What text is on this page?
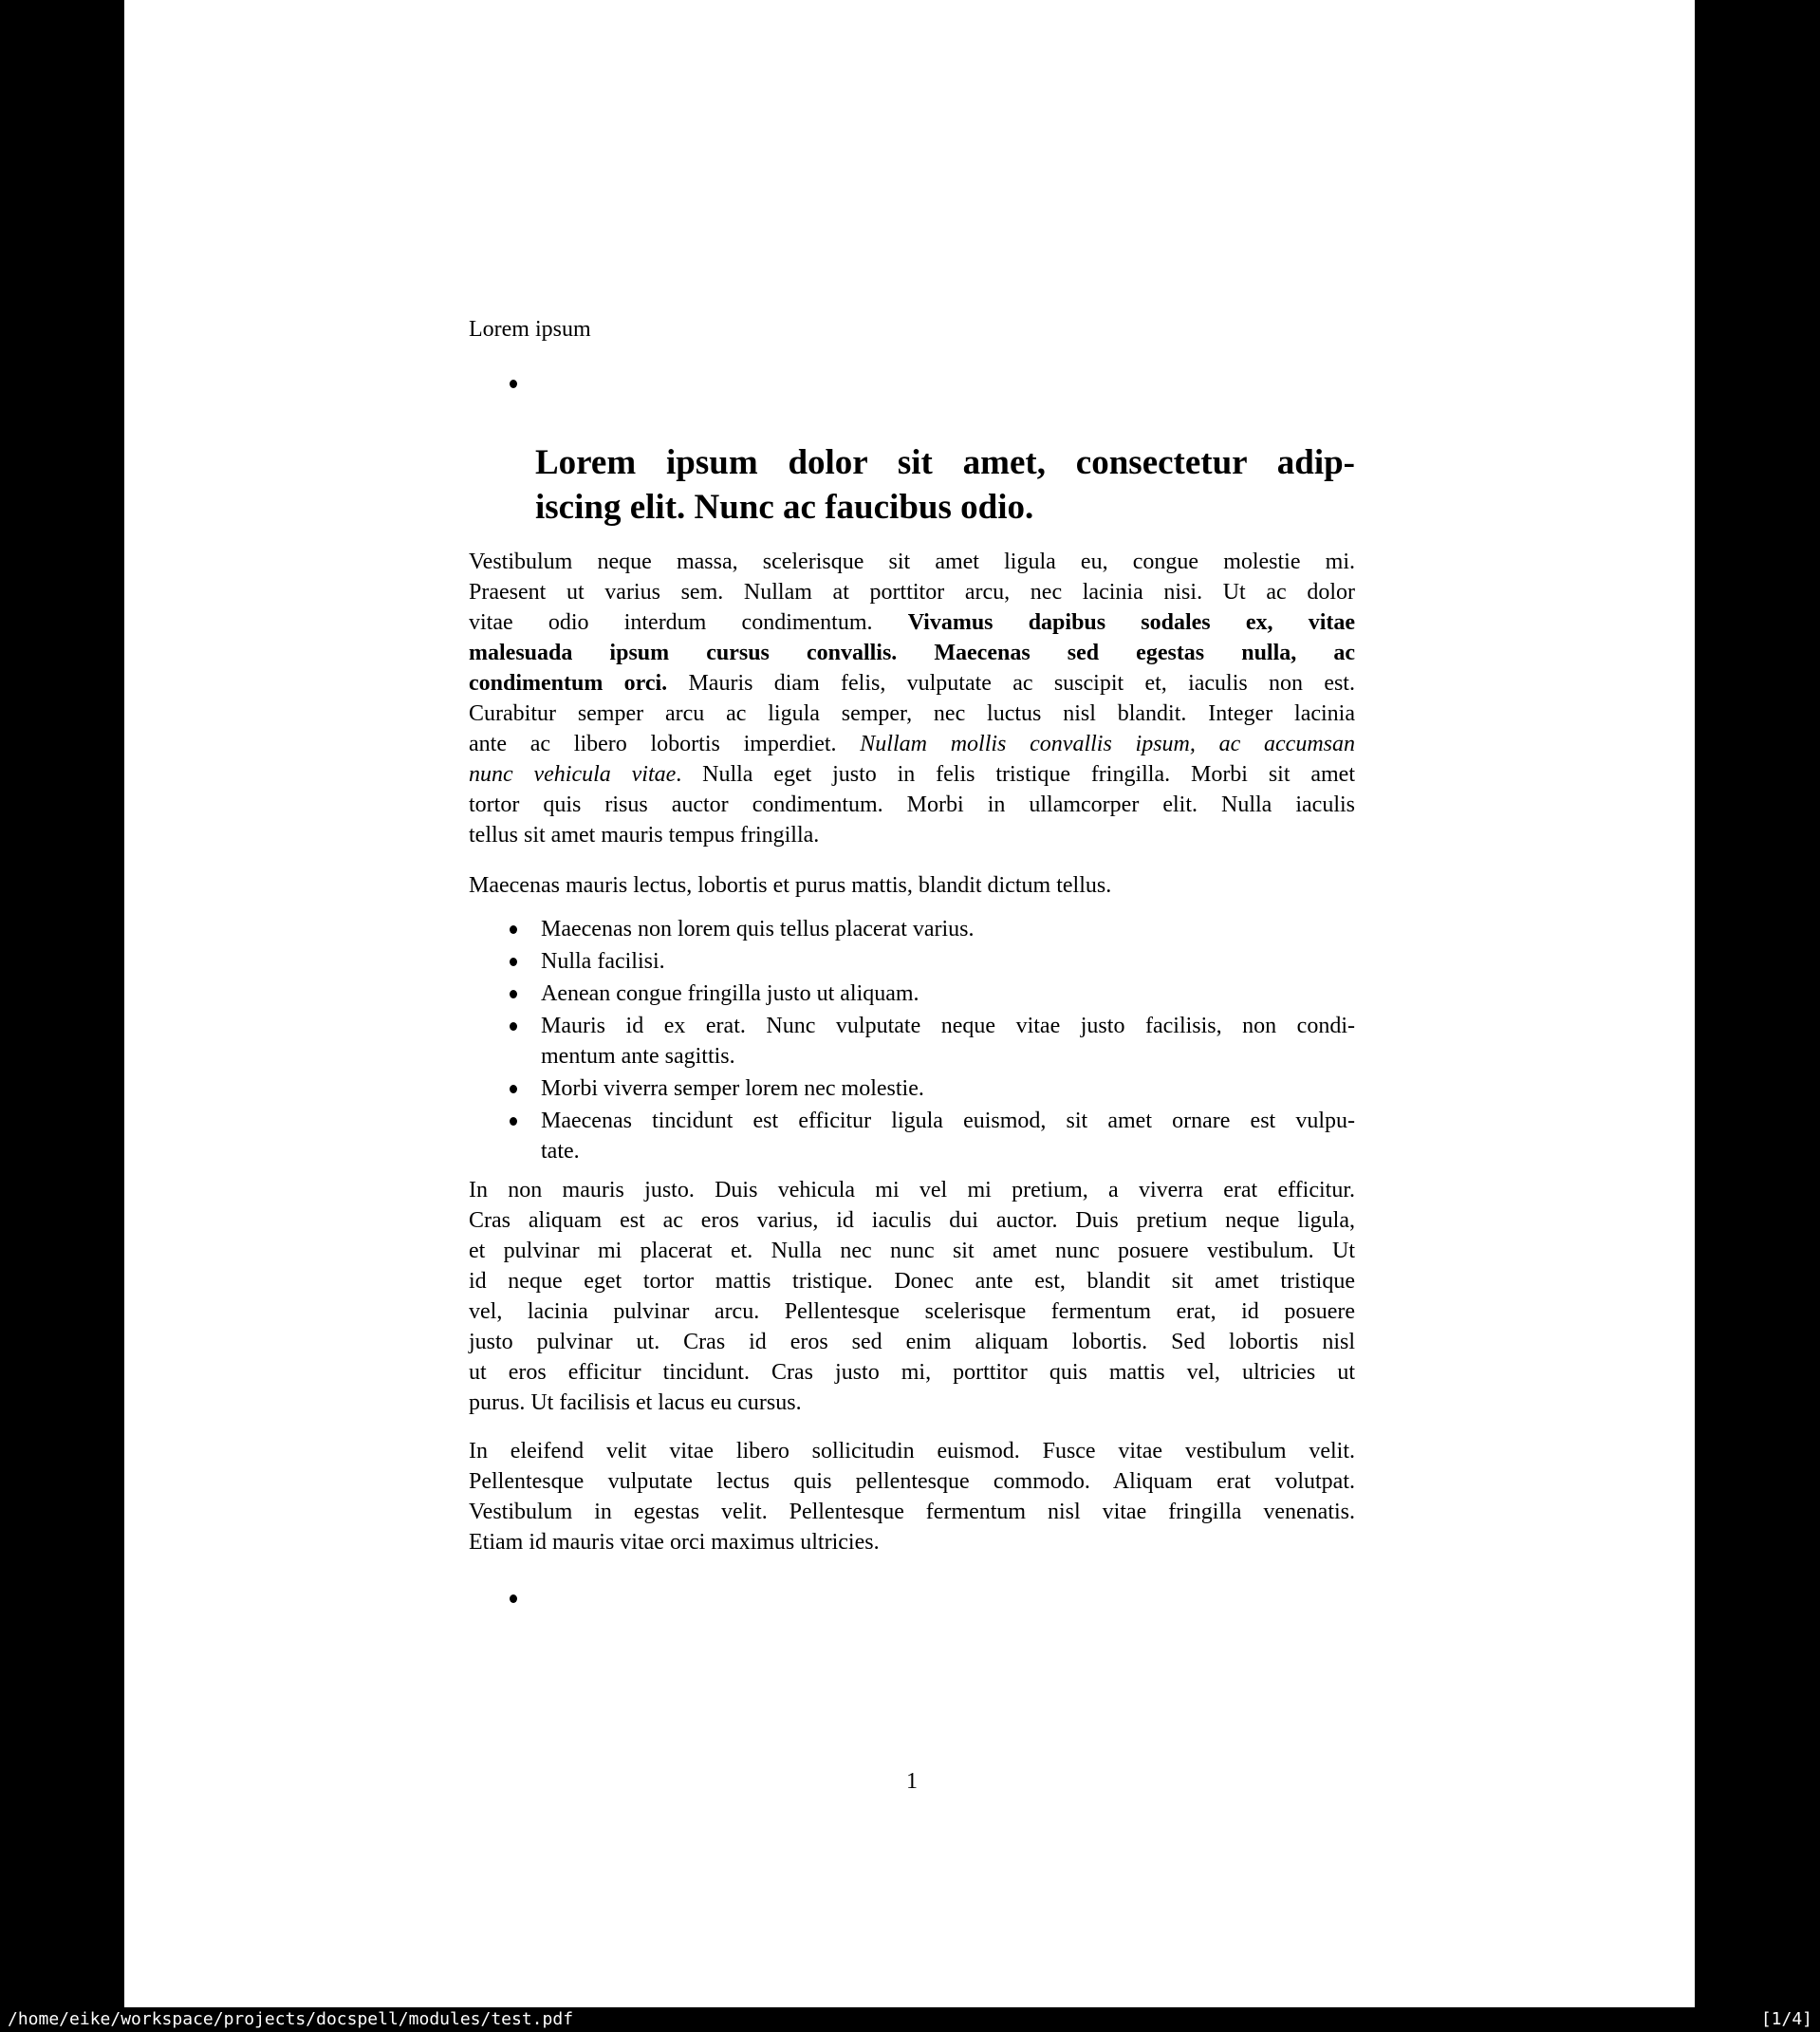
Lorem ipsum
Lorem ipsum dolor sit amet, consectetur adip-
iscing elit. Nunc ac faucibus odio.
Vestibulum neque massa, scelerisque sit amet ligula eu, congue molestie mi.
Praesent ut varius sem. Nullam at porttitor arcu, nec lacinia nisi. Ut ac dolor
vitae odio interdum condimentum. Vivamus dapibus sodales ex, vitae
malesuada ipsum cursus convallis. Maecenas sed egestas nulla, ac
condimentum orci. Mauris diam felis, vulputate ac suscipit et, iaculis non est.
Curabitur semper arcu ac ligula semper, nec luctus nisl blandit. Integer lacinia
ante ac libero lobortis imperdiet. Nullam mollis convallis ipsum, ac accumsan
nunc vehicula vitae. Nulla eget justo in felis tristique fringilla. Morbi sit amet
tortor quis risus auctor condimentum. Morbi in ullamcorper elit. Nulla iaculis
tellus sit amet mauris tempus fringilla.
Maecenas mauris lectus, lobortis et purus mattis, blandit dictum tellus.
Maecenas non lorem quis tellus placerat varius.
Nulla facilisi.
Aenean congue fringilla justo ut aliquam.
Mauris id ex erat. Nunc vulputate neque vitae justo facilisis, non condi-
mentum ante sagittis.
Morbi viverra semper lorem nec molestie.
Maecenas tincidunt est efficitur ligula euismod, sit amet ornare est vulpu-
tate.
In non mauris justo. Duis vehicula mi vel mi pretium, a viverra erat efficitur.
Cras aliquam est ac eros varius, id iaculis dui auctor. Duis pretium neque ligula,
et pulvinar mi placerat et. Nulla nec nunc sit amet nunc posuere vestibulum. Ut
id neque eget tortor mattis tristique. Donec ante est, blandit sit amet tristique
vel, lacinia pulvinar arcu. Pellentesque scelerisque fermentum erat, id posuere
justo pulvinar ut. Cras id eros sed enim aliquam lobortis. Sed lobortis nisl
ut eros efficitur tincidunt. Cras justo mi, porttitor quis mattis vel, ultricies ut
purus. Ut facilisis et lacus eu cursus.
In eleifend velit vitae libero sollicitudin euismod. Fusce vitae vestibulum velit.
Pellentesque vulputate lectus quis pellentesque commodo. Aliquam erat volutpat.
Vestibulum in egestas velit. Pellentesque fermentum nisl vitae fringilla venenatis.
Etiam id mauris vitae orci maximus ultricies.
1
/home/eike/workspace/projects/docspell/modules/test.pdf	[1/4]
